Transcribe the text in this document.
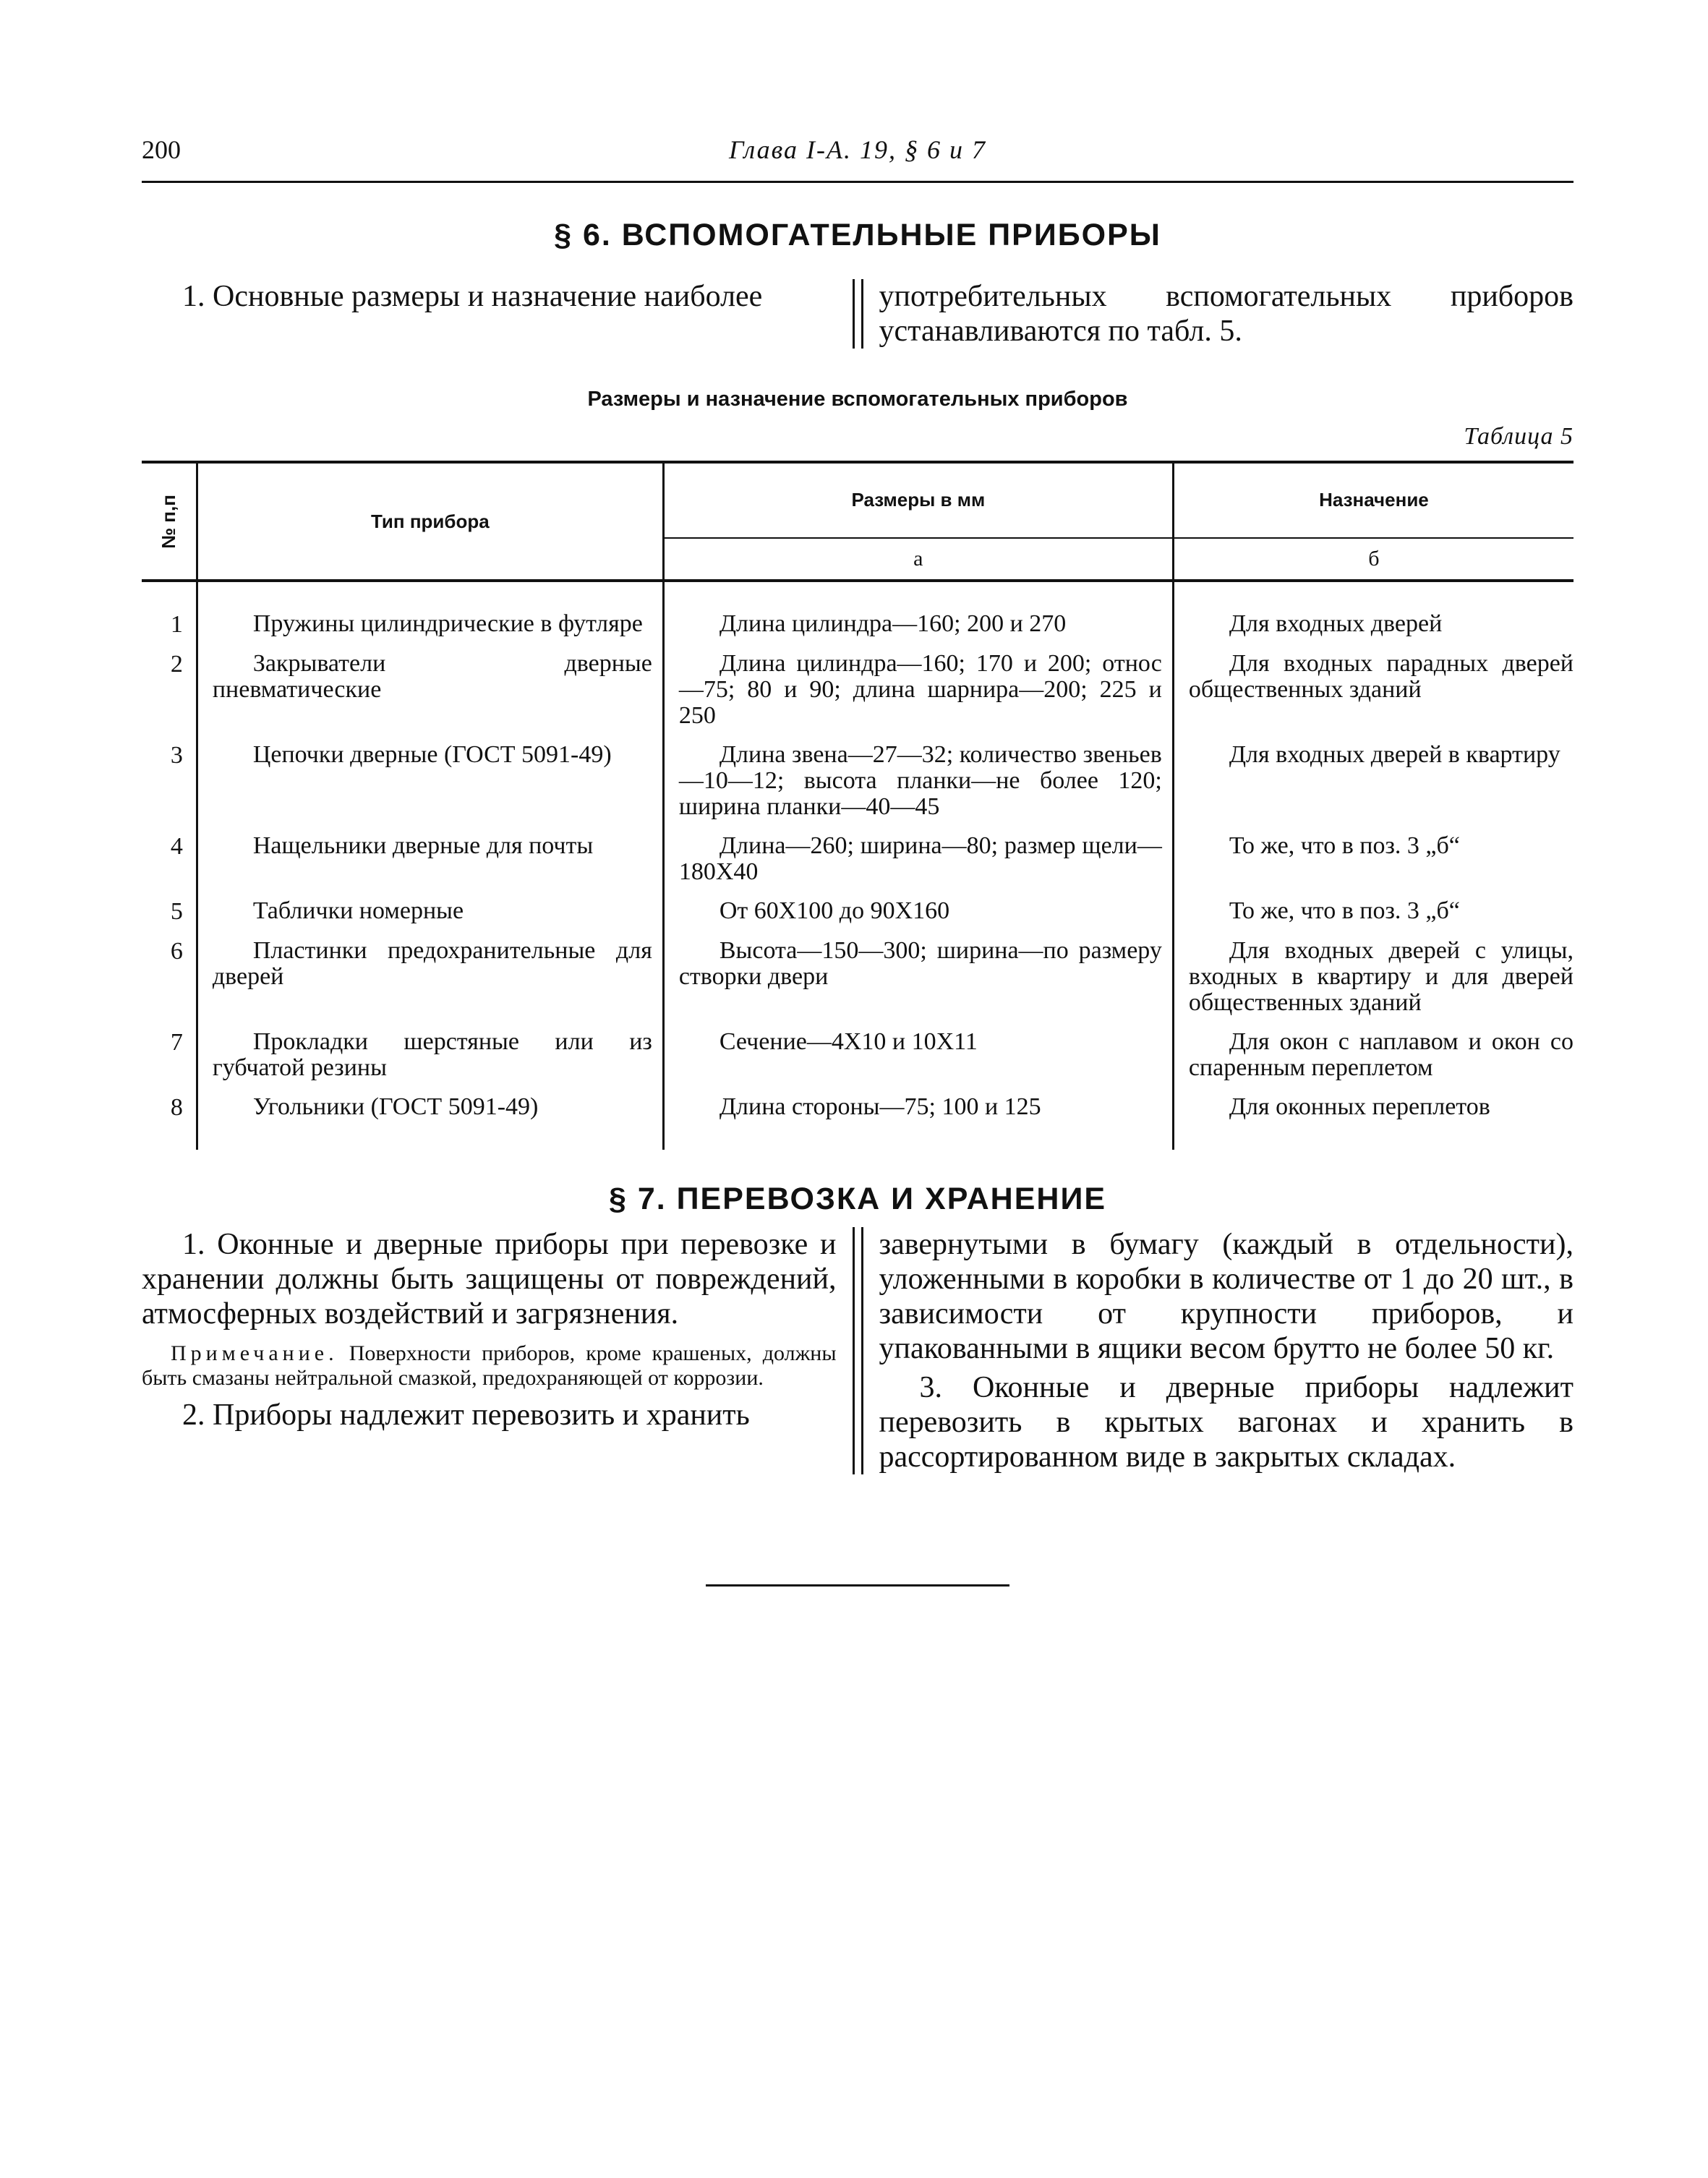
200	Глава I-А. 19, § 6 и 7
§ 6. ВСПОМОГАТЕЛЬНЫЕ ПРИБОРЫ

1. Основные размеры и назначение наиболее	употребительных вспомогательных приборов устанавливаются по табл. 5.

Размеры и назначение вспомогательных приборов
Таблица 5
№ п,п	Тип прибора	Размеры в мм	Назначение
		а	б

1	Пружины цилиндрические в футляре	Длина цилиндра—160; 200 и 270	Для входных дверей

2	Закрыватели дверные пневматические	Длина цилиндра—160; 170 и 200; относ—75; 80 и 90; длина шарнира—200; 225 и 250	Для входных парадных дверей общественных зданий

3	Цепочки дверные (ГОСТ 5091-49)	Длина звена—27—32; количество звеньев—10—12; высота планки—не более 120; ширина планки—40—45	Для входных дверей в квартиру

4	Нащельники дверные для почты	Длина—260; ширина—80; размер щели—180X40	То же, что в поз. 3 „б“

5	Таблички номерные	От 60X100 до 90X160	То же, что в поз. 3 „б“

6	Пластинки предохранительные для дверей	Высота—150—300; ширина—по размеру створки двери	Для входных дверей с улицы, входных в квартиру и для дверей общественных зданий

7	Прокладки шерстяные или из губчатой резины	Сечение—4X10 и 10X11	Для окон с наплавом и окон со спаренным переплетом

8	Угольники (ГОСТ 5091-49)	Длина стороны—75; 100 и 125	Для оконных переплетов
§ 7. ПЕРЕВОЗКА И ХРАНЕНИЕ

1. Оконные и дверные приборы при перевозке и хранении должны быть защищены от повреждений, атмосферных воздействий и загрязнения.

Примечание. Поверхности приборов, кроме крашеных, должны быть смазаны нейтральной смазкой, предохраняющей от коррозии.

2. Приборы надлежит перевозить и хранить

завернутыми в бумагу (каждый в отдельности), уложенными в коробки в количестве от 1 до 20 шт., в зависимости от крупности приборов, и упакованными в ящики весом брутто не более 50 кг.

3. Оконные и дверные приборы надлежит перевозить в крытых вагонах и хранить в рассортированном виде в закрытых складах.
